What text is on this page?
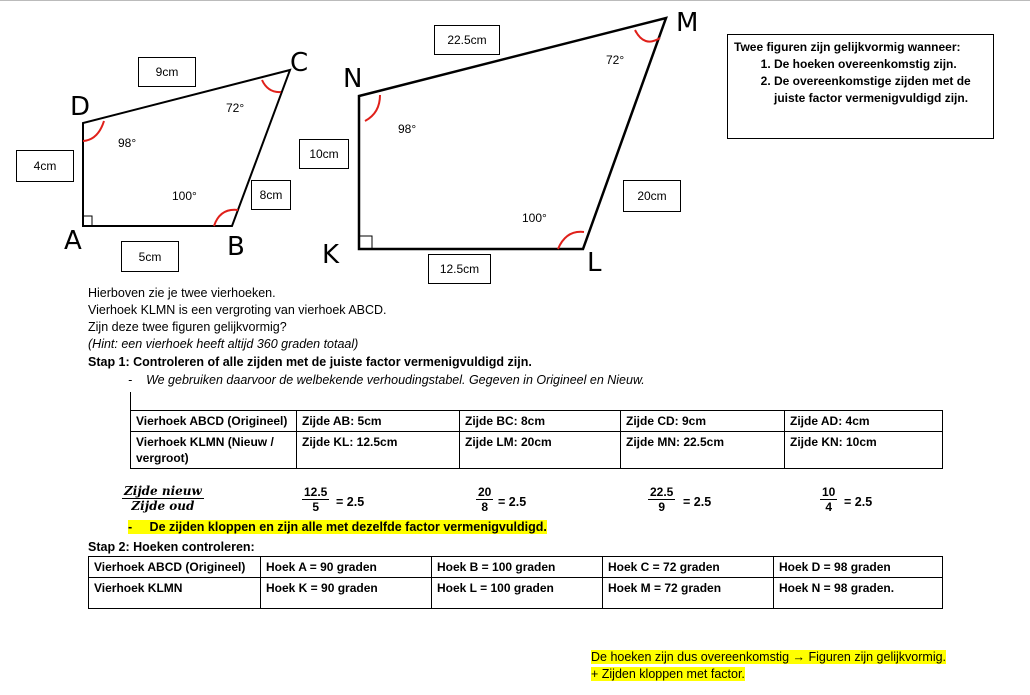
A	B
C
D
K	L
M
N
4cm
5cm
8cm
9cm
10cm
12.5cm
20cm
22.5cm
98°
72°
100°
98°
72°
100°
Twee figuren zijn gelijkvormig wanneer:
1. De hoeken overeenkomstig zijn.
2. De overeenkomstige zijden met de juiste factor vermenigvuldigd zijn.
Hierboven zie je twee vierhoeken.
Vierhoek KLMN is een vergroting van vierhoek ABCD.
Zijn deze twee figuren gelijkvormig?
(Hint: een vierhoek heeft altijd 360 graden totaal)
Stap 1: Controleren of alle zijden met de juiste factor vermenigvuldigd zijn.
-    We gebruiken daarvoor de welbekende verhoudingstabel. Gegeven in Origineel en Nieuw.
Vierhoek ABCD (Origineel)	Zijde AB: 5cm	Zijde BC: 8cm	Zijde CD: 9cm	Zijde AD: 4cm
Vierhoek KLMN (Nieuw / vergroot)	Zijde KL: 12.5cm	Zijde LM: 20cm	Zijde MN: 22.5cm	Zijde KN: 10cm
Zijde nieuw
Zijde oud	$\frac{12.5}{5} = 2.5$	$\frac{20}{8} = 2.5$	$\frac{22.5}{9} = 2.5$	$\frac{10}{4} = 2.5$
- De zijden kloppen en zijn alle met dezelfde factor vermenigvuldigd.
Stap 2: Hoeken controleren:
Vierhoek ABCD (Origineel)	Hoek A = 90 graden	Hoek B = 100 graden	Hoek C = 72 graden	Hoek D = 98 graden
Vierhoek KLMN	Hoek K = 90 graden	Hoek L = 100 graden	Hoek M = 72 graden	Hoek N = 98 graden.
De hoeken zijn dus overeenkomstig → Figuren zijn gelijkvormig.
+ Zijden kloppen met factor.
